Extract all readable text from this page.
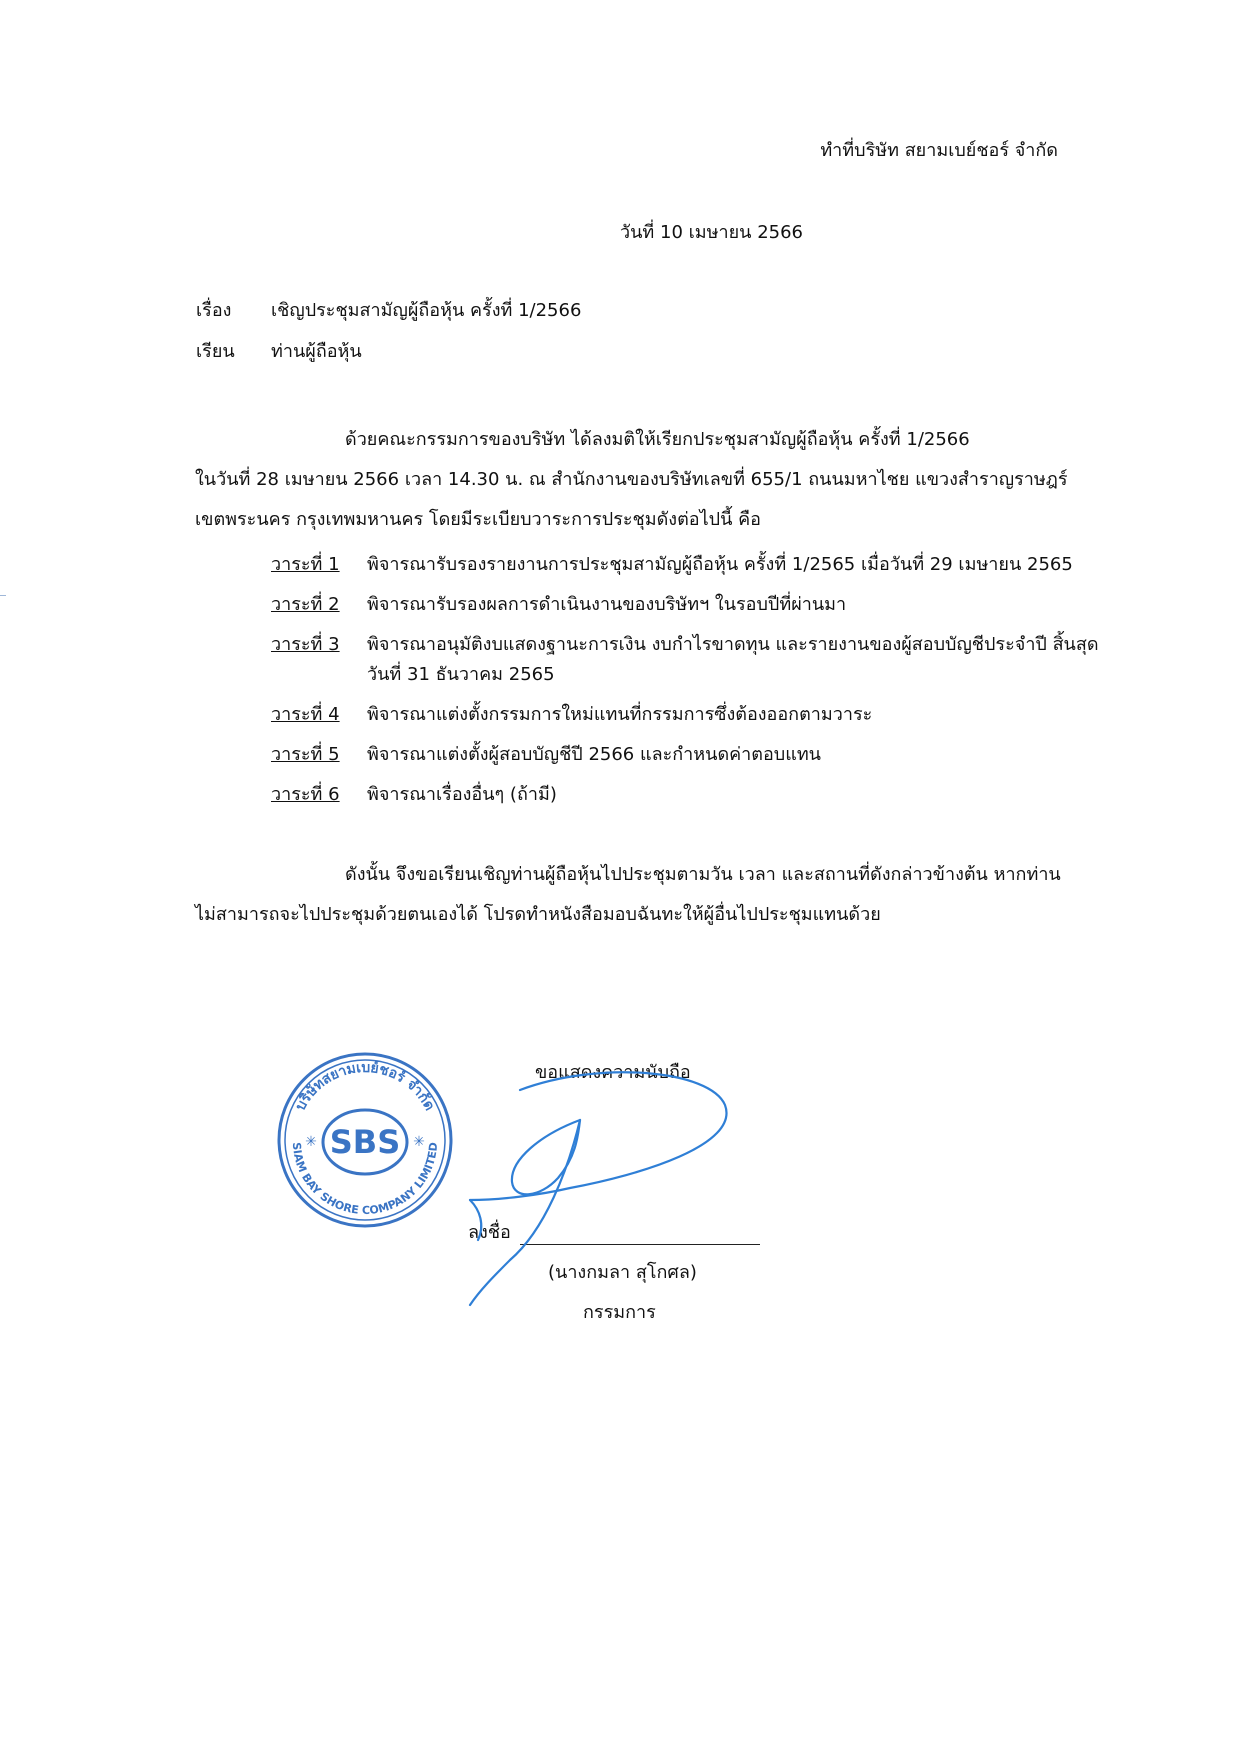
ทำที่บริษัท สยามเบย์ชอร์ จำกัด
วันที่ 10 เมษายน 2566
เรื่อง เชิญประชุมสามัญผู้ถือหุ้น ครั้งที่ 1/2566
เรียน ท่านผู้ถือหุ้น
ด้วยคณะกรรมการของบริษัท ได้ลงมติให้เรียกประชุมสามัญผู้ถือหุ้น ครั้งที่ 1/2566
ในวันที่ 28 เมษายน 2566 เวลา 14.30 น. ณ สำนักงานของบริษัทเลขที่ 655/1 ถนนมหาไชย แขวงสำราญราษฎร์
เขตพระนคร กรุงเทพมหานคร โดยมีระเบียบวาระการประชุมดังต่อไปนี้ คือ
วาระที่ 1	พิจารณารับรองรายงานการประชุมสามัญผู้ถือหุ้น ครั้งที่ 1/2565 เมื่อวันที่ 29 เมษายน 2565
วาระที่ 2	พิจารณารับรองผลการดำเนินงานของบริษัทฯ ในรอบปีที่ผ่านมา
วาระที่ 3	พิจารณาอนุมัติงบแสดงฐานะการเงิน งบกำไรขาดทุน และรายงานของผู้สอบบัญชีประจำปี สิ้นสุด วันที่ 31 ธันวาคม 2565
วาระที่ 4	พิจารณาแต่งตั้งกรรมการใหม่แทนที่กรรมการซึ่งต้องออกตามวาระ
วาระที่ 5	พิจารณาแต่งตั้งผู้สอบบัญชีปี 2566 และกำหนดค่าตอบแทน
วาระที่ 6	พิจารณาเรื่องอื่นๆ (ถ้ามี)
ดังนั้น จึงขอเรียนเชิญท่านผู้ถือหุ้นไปประชุมตามวัน เวลา และสถานที่ดังกล่าวข้างต้น หากท่าน
ไม่สามารถจะไปประชุมด้วยตนเองได้ โปรดทำหนังสือมอบฉันทะให้ผู้อื่นไปประชุมแทนด้วย
บริษัทสยามเบย์ชอร์ จำกัด
SIAM BAY SHORE COMPANY LIMITED
SBS
✳	✳
ขอแสดงความนับถือ
ลงชื่อ
(นางกมลา สุโกศล)
กรรมการ
